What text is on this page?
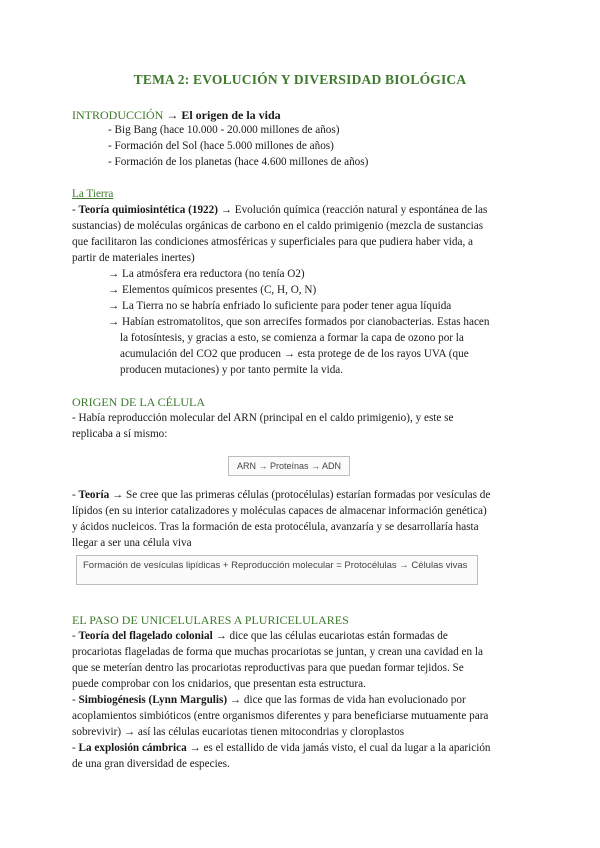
TEMA 2: EVOLUCIÓN Y DIVERSIDAD BIOLÓGICA
INTRODUCCIÓN → El origen de la vida
- Big Bang (hace 10.000 - 20.000 millones de años)
- Formación del Sol (hace 5.000 millones de años)
- Formación de los planetas (hace 4.600 millones de años)
La Tierra
- Teoría quimiosintética (1922) → Evolución química (reacción natural y espontánea de las
sustancias) de moléculas orgánicas de carbono en el caldo primigenio (mezcla de sustancias
que facilitaron las condiciones atmosféricas y superficiales para que pudiera haber vida, a
partir de materiales inertes)
→ La atmósfera era reductora (no tenía O2)
→ Elementos químicos presentes (C, H, O, N)
→ La Tierra no se habría enfriado lo suficiente para poder tener agua líquida
→ Habían estromatolitos, que son arrecifes formados por cianobacterias. Estas hacen
la fotosíntesis, y gracias a esto, se comienza a formar la capa de ozono por la
acumulación del CO2 que producen → esta protege de de los rayos UVA (que
producen mutaciones) y por tanto permite la vida.
ORIGEN DE LA CÉLULA
- Había reproducción molecular del ARN (principal en el caldo primigenio), y este se
replicaba a sí mismo:
ARN → Proteínas → ADN
- Teoría → Se cree que las primeras células (protocélulas) estarían formadas por vesículas de
lípidos (en su interior catalizadores y moléculas capaces de almacenar información genética)
y ácidos nucleicos. Tras la formación de esta protocélula, avanzaría y se desarrollaría hasta
llegar a ser una célula viva
Formación de vesículas lipídicas + Reproducción molecular = Protocélulas → Células vivas
EL PASO DE UNICELULARES A PLURICELULARES
- Teoría del flagelado colonial → dice que las células eucariotas están formadas de
procariotas flageladas de forma que muchas procariotas se juntan, y crean una cavidad en la
que se meterían dentro las procariotas reproductivas para que puedan formar tejidos. Se
puede comprobar con los cnidarios, que presentan esta estructura.
- Simbiogénesis (Lynn Margulis) → dice que las formas de vida han evolucionado por
acoplamientos simbióticos (entre organismos diferentes y para beneficiarse mutuamente para
sobrevivir) → así las células eucariotas tienen mitocondrias y cloroplastos
- La explosión cámbrica → es el estallido de vida jamás visto, el cual da lugar a la aparición
de una gran diversidad de especies.
